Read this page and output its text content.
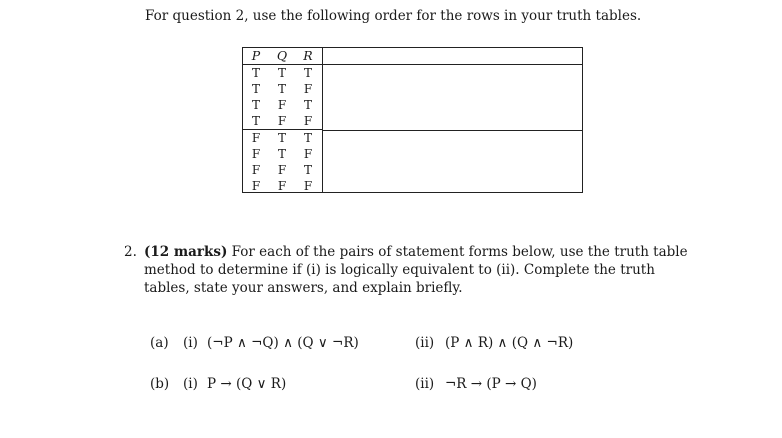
For question 2, use the following order for the rows in your truth tables.
P	Q	R
T	T	T
T	T	F
T	F	T
T	F	F
F	T	T
F	T	F
F	F	T
F	F	F
2. (12 marks) For each of the pairs of statement forms below, use the truth table method to determine if (i) is logically equivalent to (ii). Complete the truth tables, state your answers, and explain briefly.
(a) (i) (¬P ∧ ¬Q) ∧ (Q ∨ ¬R)	(ii) (P ∧ R) ∧ (Q ∧ ¬R)
(b) (i) P → (Q ∨ R)	(ii) ¬R → (P → Q)
